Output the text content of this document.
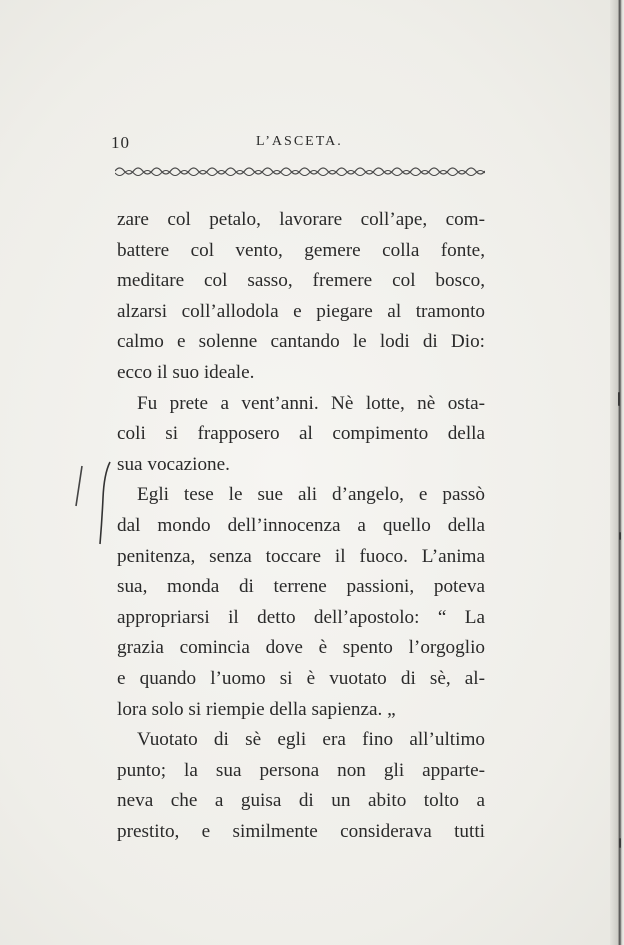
10	L’ASCETA.
zare col petalo, lavorare coll’ape, com-
battere col vento, gemere colla fonte,
meditare col sasso, fremere col bosco,
alzarsi coll’allodola e piegare al tramonto
calmo e solenne cantando le lodi di Dio:
ecco il suo ideale.
Fu prete a vent’anni. Nè lotte, nè osta-
coli si frapposero al compimento della
sua vocazione.
Egli tese le sue ali d’angelo, e passò
dal mondo dell’innocenza a quello della
penitenza, senza toccare il fuoco. L’anima
sua, monda di terrene passioni, poteva
appropriarsi il detto dell’apostolo: “ La
grazia comincia dove è spento l’orgoglio
e quando l’uomo si è vuotato di sè, al-
lora solo si riempie della sapienza. „
Vuotato di sè egli era fino all’ultimo
punto; la sua persona non gli apparte-
neva che a guisa di un abito tolto a
prestito, e similmente considerava tutti
